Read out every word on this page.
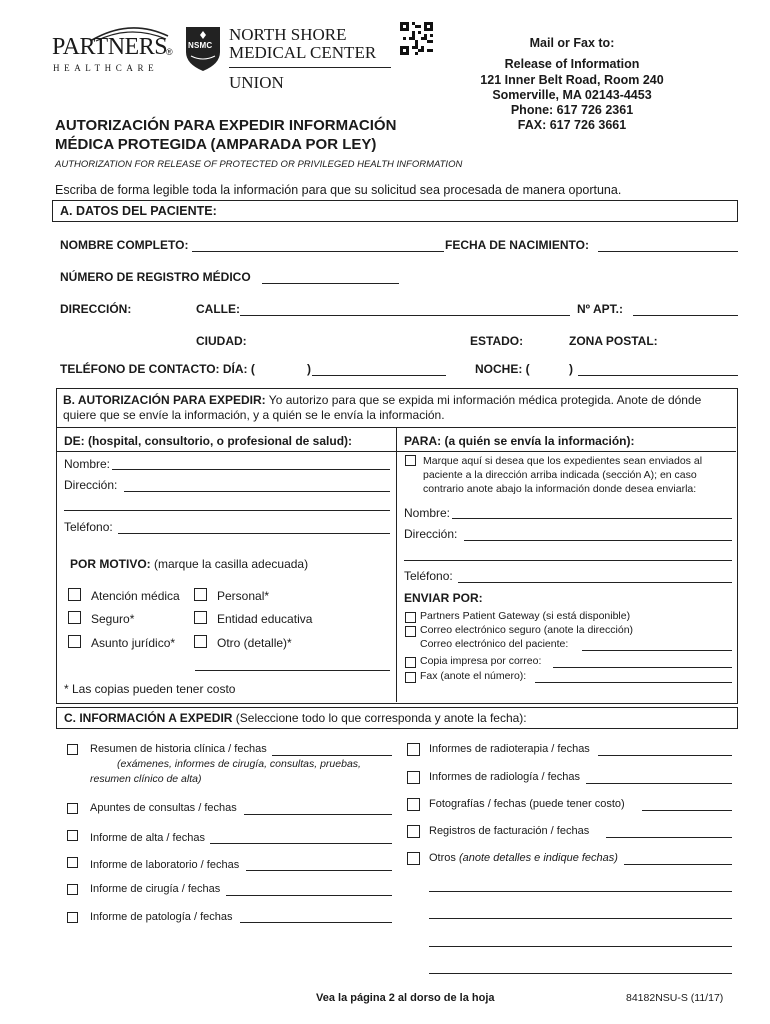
PARTNERS
®
HEALTHCARE
NSMC
NORTH SHORE
MEDICAL CENTER
UNION
Mail or Fax to:
Release of Information
121 Inner Belt Road, Room 240
Somerville, MA 02143-4453
Phone: 617 726 2361
FAX: 617 726 3661
AUTORIZACIÓN PARA EXPEDIR INFORMACIÓN
MÉDICA PROTEGIDA (AMPARADA POR LEY)
AUTHORIZATION FOR RELEASE OF PROTECTED OR PRIVILEGED HEALTH INFORMATION
Escriba de forma legible toda la información para que su solicitud sea procesada de manera oportuna.
A. DATOS DEL PACIENTE:
NOMBRE COMPLETO:	FECHA DE NACIMIENTO:
NÚMERO DE REGISTRO MÉDICO
DIRECCIÓN:	CALLE:	Nº APT.:
CIUDAD:	ESTADO:	ZONA POSTAL:
TELÉFONO DE CONTACTO: DÍA: (	)	NOCHE: (	)
B. AUTORIZACIÓN PARA EXPEDIR: Yo autorizo para que se expida mi información médica protegida. Anote de dónde
quiere que se envíe la información, y a quién se le envía la información.
DE: (hospital, consultorio, o profesional de salud):
Nombre:
Dirección:
Teléfono:
POR MOTIVO: (marque la casilla adecuada)
Atención médica	Personal*
Seguro*	Entidad educativa
Asunto jurídico*	Otro (detalle)*
* Las copias pueden tener costo
PARA: (a quién se envía la información):
Marque aquí si desea que los expedientes sean enviados al
paciente a la dirección arriba indicada (sección A); en caso
contrario anote abajo la información donde desea enviarla:
Nombre:
Dirección:
Teléfono:
ENVIAR POR:
Partners Patient Gateway (si está disponible)
Correo electrónico seguro (anote la dirección)
Correo electrónico del paciente:
Copia impresa por correo:
Fax (anote el número):
C. INFORMACIÓN A EXPEDIR (Seleccione todo lo que corresponda y anote la fecha):
Resumen de historia clínica / fechas
(exámenes, informes de cirugía, consultas, pruebas,
resumen clínico de alta)
Apuntes de consultas / fechas
Informe de alta / fechas
Informe de laboratorio / fechas
Informe de cirugía / fechas
Informe de patología / fechas
Informes de radioterapia / fechas
Informes de radiología / fechas
Fotografías / fechas (puede tener costo)
Registros de facturación / fechas
Otros (anote detalles e indique fechas)
Vea la página 2 al dorso de la hoja	84182NSU-S (11/17)
